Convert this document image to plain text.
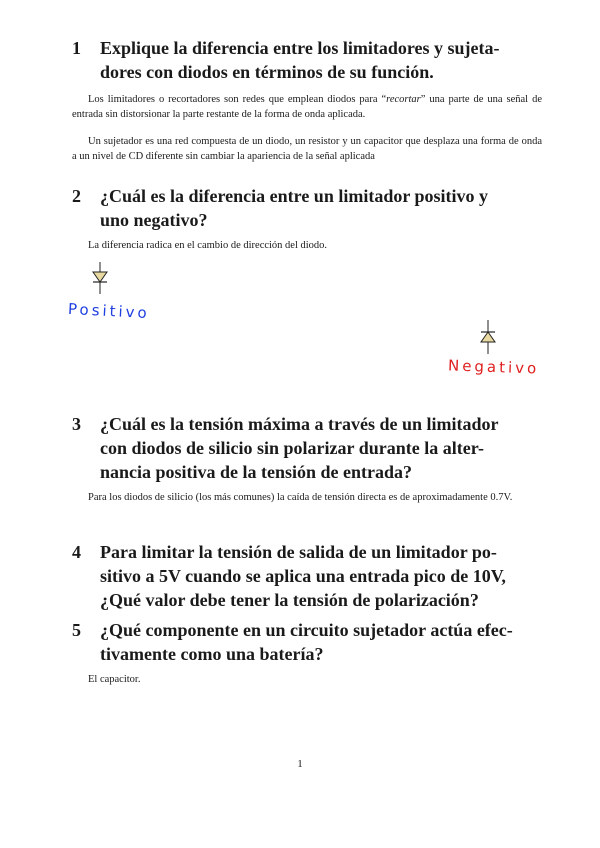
1 Explique la diferencia entre los limitadores y sujeta-
dores con diodos en términos de su función.
Los limitadores o recortadores son redes que emplean diodos para “recortar” una parte de una señal de entrada sin distorsionar la parte restante de la forma de onda aplicada.
Un sujetador es una red compuesta de un diodo, un resistor y un capacitor que desplaza una forma de onda a un nivel de CD diferente sin cambiar la apariencia de la señal aplicada
2 ¿Cuál es la diferencia entre un limitador positivo y
uno negativo?
La diferencia radica en el cambio de dirección del diodo.
Positivo
Negativo
3 ¿Cuál es la tensión máxima a través de un limitador
con diodos de silicio sin polarizar durante la alter-
nancia positiva de la tensión de entrada?
Para los diodos de silicio (los más comunes) la caída de tensión directa es de aproximadamente 0.7V.
4 Para limitar la tensión de salida de un limitador po-
sitivo a 5V cuando se aplica una entrada pico de 10V,
¿Qué valor debe tener la tensión de polarización?
5 ¿Qué componente en un circuito sujetador actúa efec-
tivamente como una batería?
El capacitor.
1
